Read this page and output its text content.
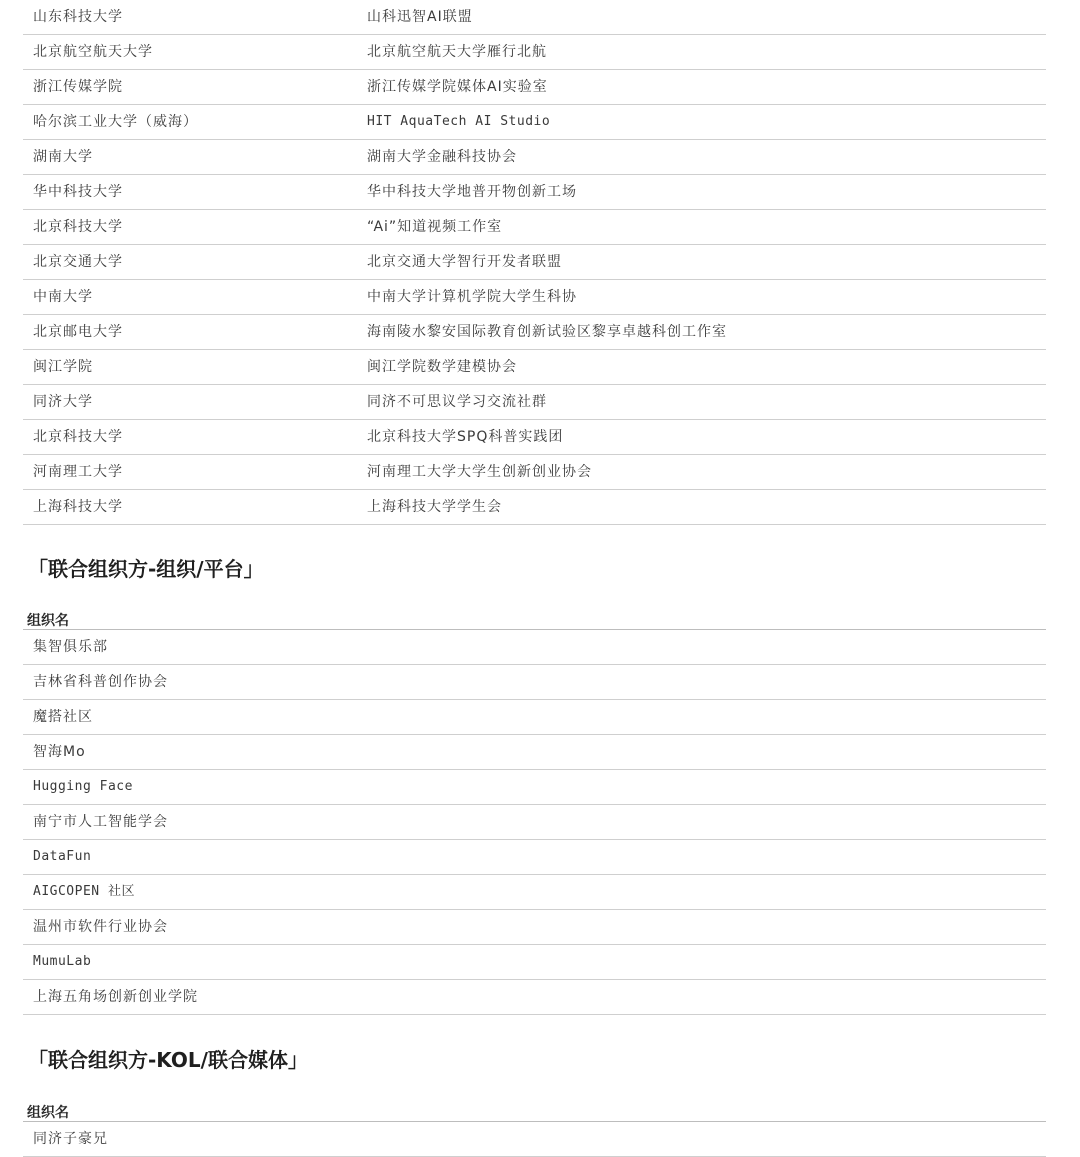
山东科技大学	山科迅智AI联盟
北京航空航天大学	北京航空航天大学雁行北航
浙江传媒学院	浙江传媒学院媒体AI实验室
哈尔滨工业大学（威海）	HIT AquaTech AI Studio
湖南大学	湖南大学金融科技协会
华中科技大学	华中科技大学地普开物创新工场
北京科技大学	“Ai”知道视频工作室
北京交通大学	北京交通大学智行开发者联盟
中南大学	中南大学计算机学院大学生科协
北京邮电大学	海南陵水黎安国际教育创新试验区黎享卓越科创工作室
闽江学院	闽江学院数学建模协会
同济大学	同济不可思议学习交流社群
北京科技大学	北京科技大学SPQ科普实践团
河南理工大学	河南理工大学大学生创新创业协会
上海科技大学	上海科技大学学生会
「联合组织方-组织/平台」
组织名
集智俱乐部
吉林省科普创作协会
魔搭社区
智海Mo
Hugging Face
南宁市人工智能学会
DataFun
AIGCOPEN 社区
温州市软件行业协会
MumuLab
上海五角场创新创业学院
「联合组织方-KOL/联合媒体」
组织名
同济子豪兄
